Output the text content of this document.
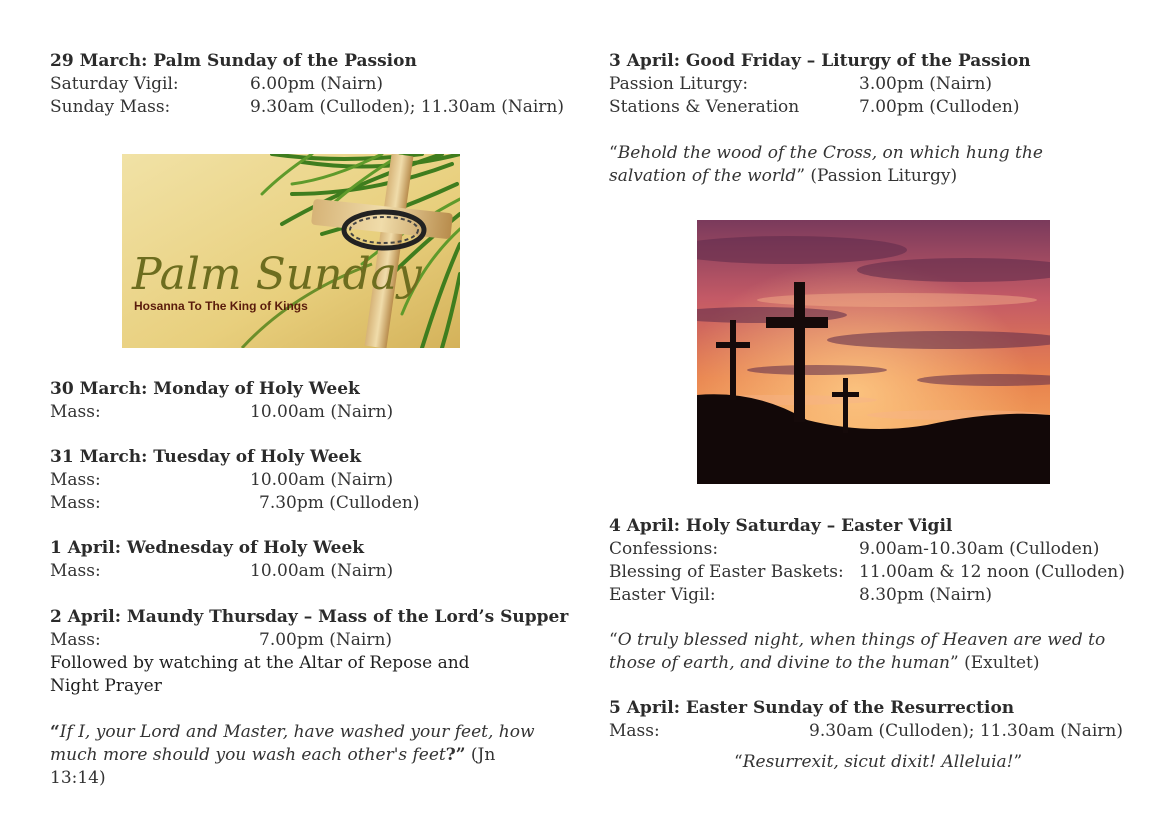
29 March: Palm Sunday of the Passion
Saturday Vigil:	6.00pm (Nairn)
Sunday Mass:	9.30am (Culloden); 11.30am (Nairn)
Palm Sunday
Hosanna To The King of Kings
30 March: Monday of Holy Week
Mass:	10.00am (Nairn)
31 March: Tuesday of Holy Week
Mass:	10.00am (Nairn)
Mass:	7.30pm (Culloden)
1 April: Wednesday of Holy Week
Mass:	10.00am (Nairn)
2 April: Maundy Thursday – Mass of the Lord’s Supper
Mass:	7.00pm (Nairn)
Followed by watching at the Altar of Repose and
Night Prayer
“If I, your Lord and Master, have washed your feet, how much more should you wash each other's feet?” (Jn 13:14)
3 April: Good Friday – Liturgy of the Passion
Passion Liturgy:	3.00pm (Nairn)
Stations & Veneration	7.00pm (Culloden)
“Behold the wood of the Cross, on which hung the salvation of the world” (Passion Liturgy)
4 April: Holy Saturday – Easter Vigil
Confessions:	9.00am-10.30am (Culloden)
Blessing of Easter Baskets: 11.00am & 12 noon (Culloden)
Easter Vigil:	8.30pm (Nairn)
“O truly blessed night, when things of Heaven are wed to those of earth, and divine to the human” (Exultet)
5 April: Easter Sunday of the Resurrection
Mass:	9.30am (Culloden); 11.30am (Nairn)
“Resurrexit, sicut dixit! Alleluia!”
